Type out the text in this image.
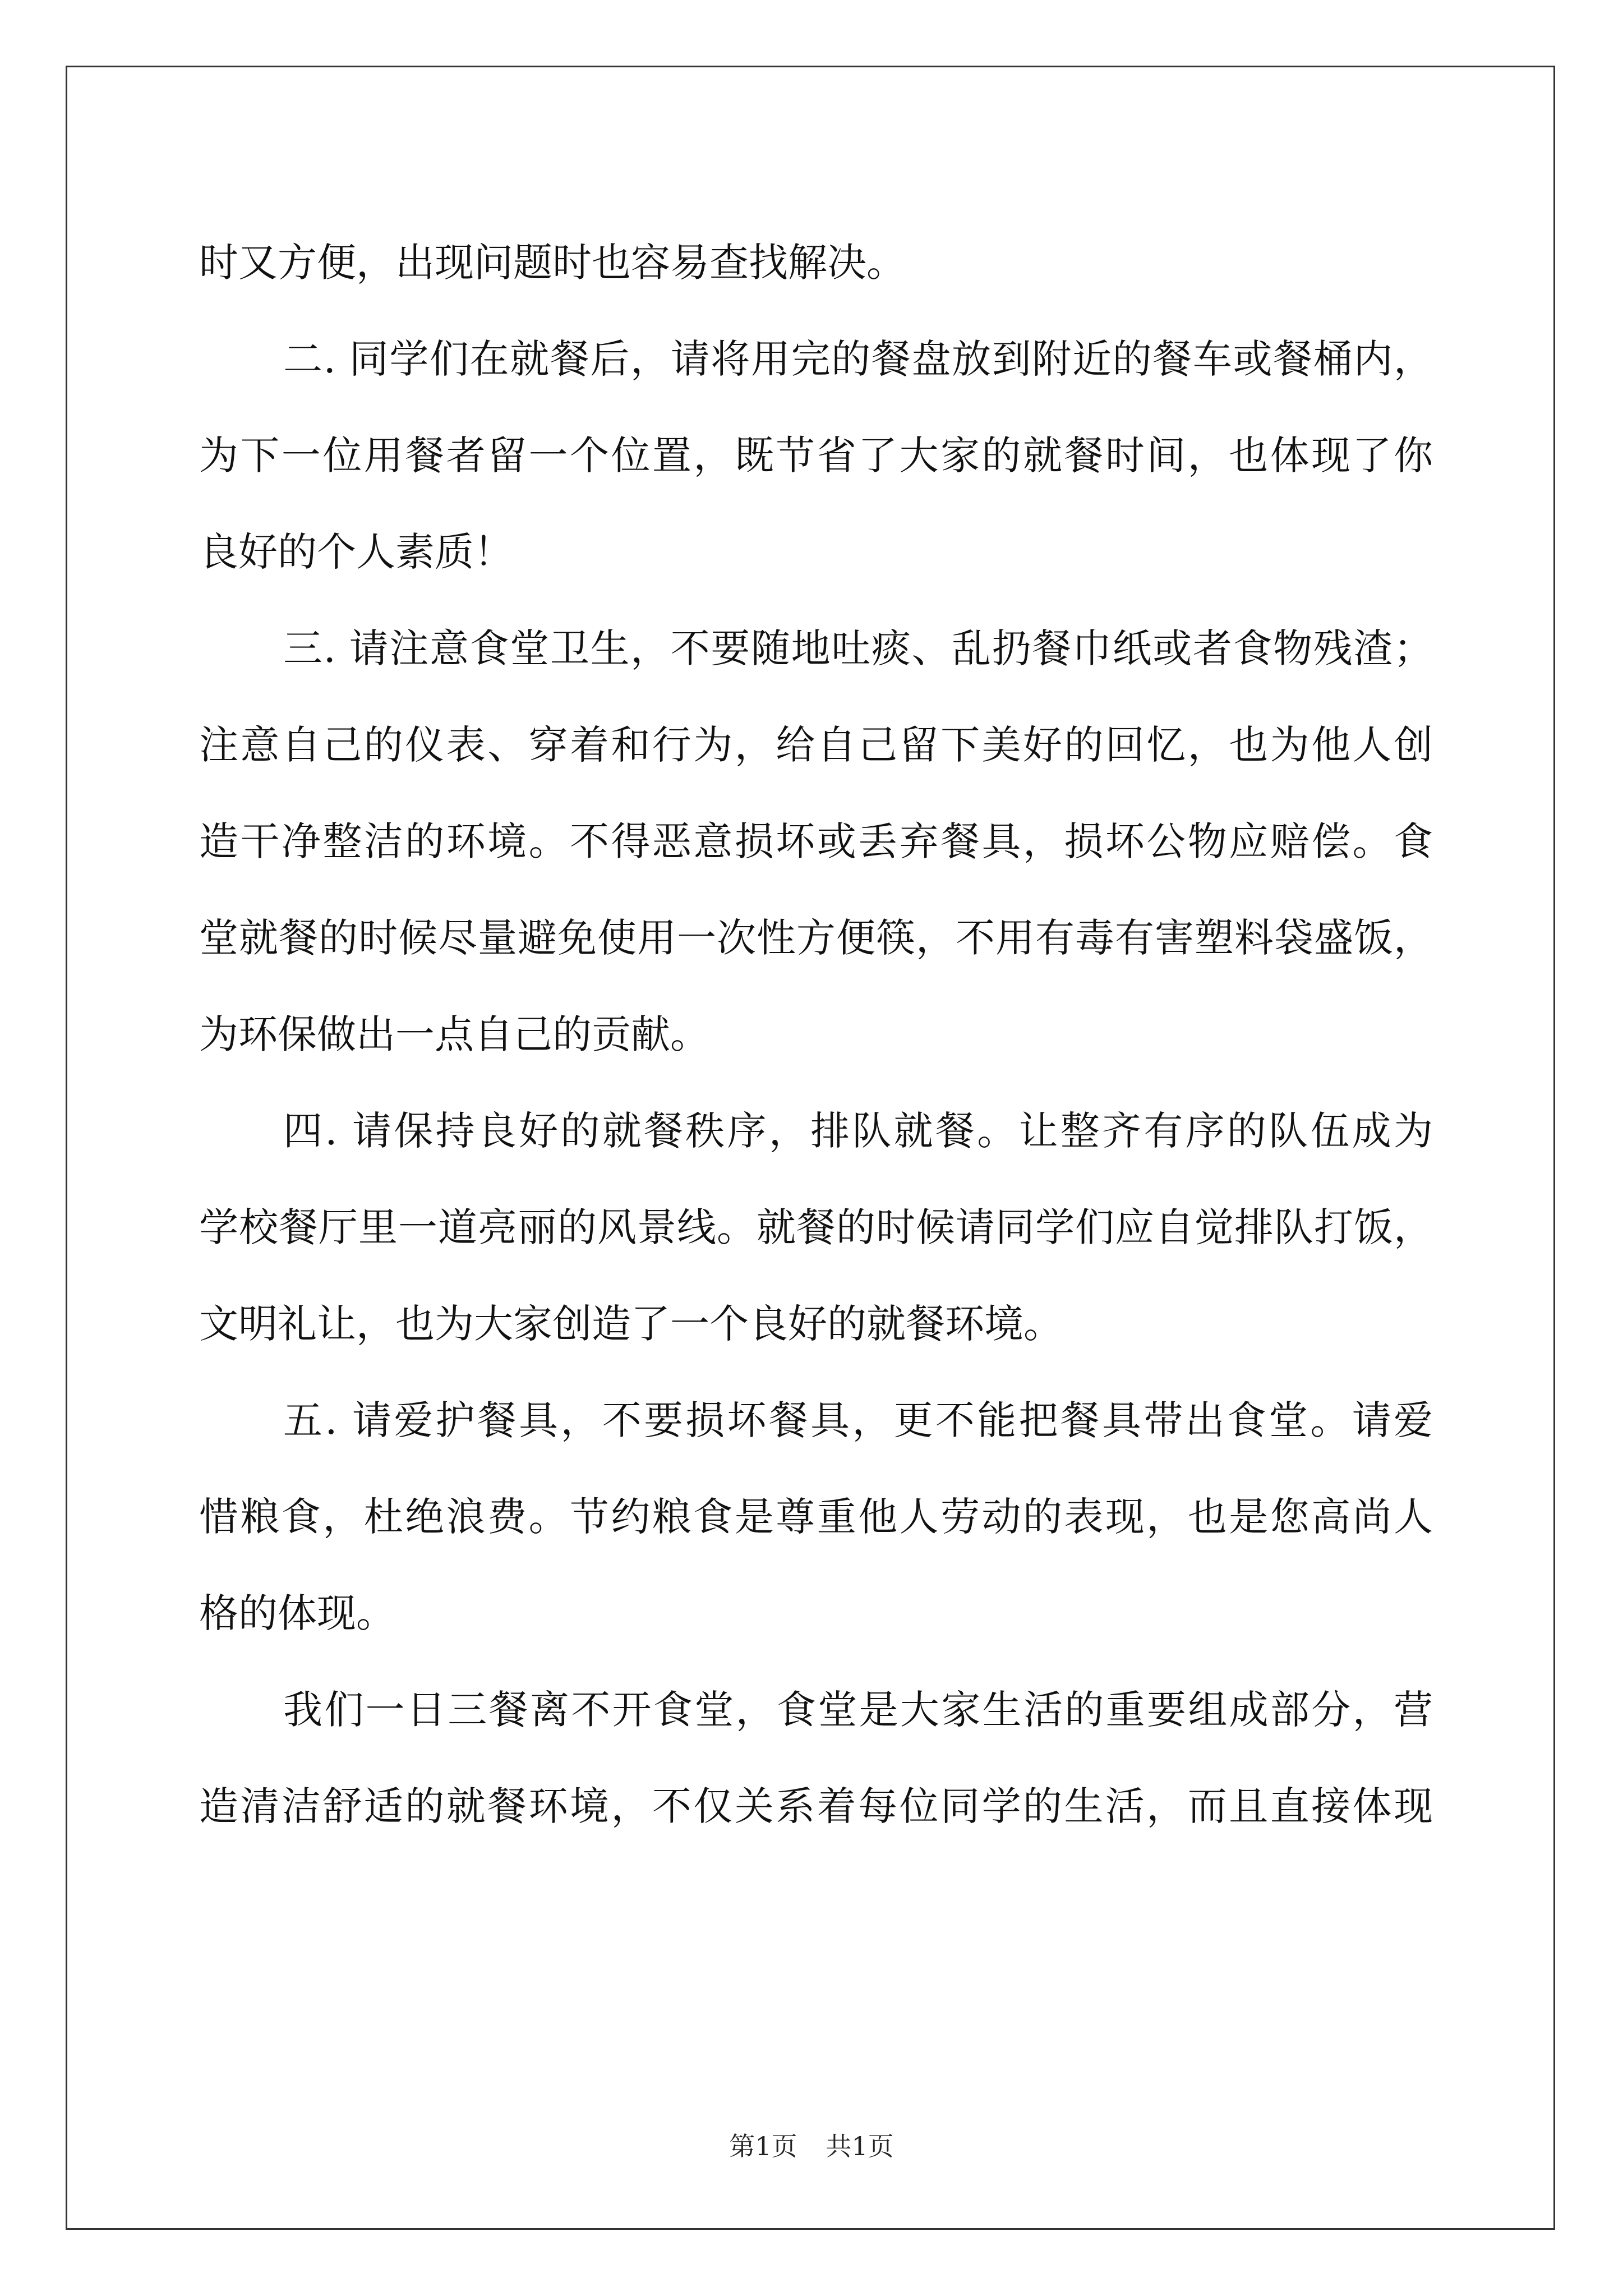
时又方便，出现问题时也容易查找解决。
二. 同学们在就餐后，请将用完的餐盘放到附近的餐车或餐桶内，
为下一位用餐者留一个位置，既节省了大家的就餐时间，也体现了你
良好的个人素质！
三. 请注意食堂卫生，不要随地吐痰、乱扔餐巾纸或者食物残渣；
注意自己的仪表、穿着和行为，给自己留下美好的回忆，也为他人创
造干净整洁的环境。不得恶意损坏或丢弃餐具，损坏公物应赔偿。食
堂就餐的时候尽量避免使用一次性方便筷，不用有毒有害塑料袋盛饭，
为环保做出一点自己的贡献。
四. 请保持良好的就餐秩序，排队就餐。让整齐有序的队伍成为
学校餐厅里一道亮丽的风景线。就餐的时候请同学们应自觉排队打饭，
文明礼让，也为大家创造了一个良好的就餐环境。
五. 请爱护餐具，不要损坏餐具，更不能把餐具带出食堂。请爱
惜粮食，杜绝浪费。节约粮食是尊重他人劳动的表现，也是您高尚人
格的体现。
我们一日三餐离不开食堂，食堂是大家生活的重要组成部分，营
造清洁舒适的就餐环境，不仅关系着每位同学的生活，而且直接体现
第1页 共1页
